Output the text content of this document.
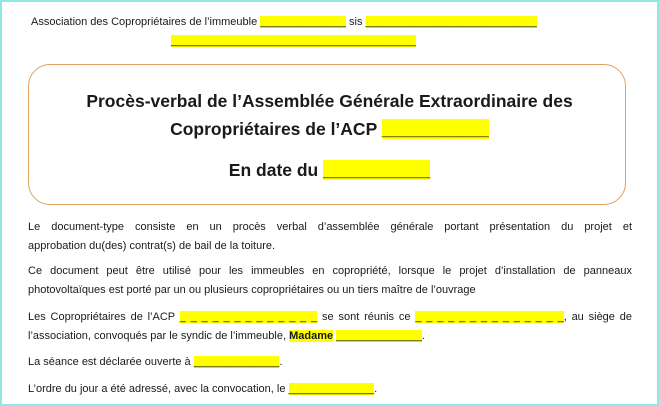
Association des Copropriétaires de l’immeuble ______________ sis ____________________________
________________________________________
Procès-verbal de l’Assemblée Générale Extraordinaire des
Copropriétaires de l’ACP ___________
En date du ___________
Le document-type consiste en un procès verbal d’assemblée générale portant présentation du projet et
approbation du(des) contrat(s) de bail de la toiture.
Ce document peut être utilisé pour les immeubles en copropriété, lorsque le projet d’installation de panneaux
photovoltaïques est porté par un ou plusieurs copropriétaires ou un tiers maître de l’ouvrage
Les Copropriétaires de l’ACP _ _ _ _ _ _ _ _ _ _ _ _ _ se sont réunis ce _ _ _ _ _ _ _ _ _ _ _ _ _ _, au siège de
l’association, convoqués par le syndic de l’immeuble, Madame ______________.
La séance est déclarée ouverte à ______________.
L’ordre du jour a été adressé, avec la convocation, le ______________.
